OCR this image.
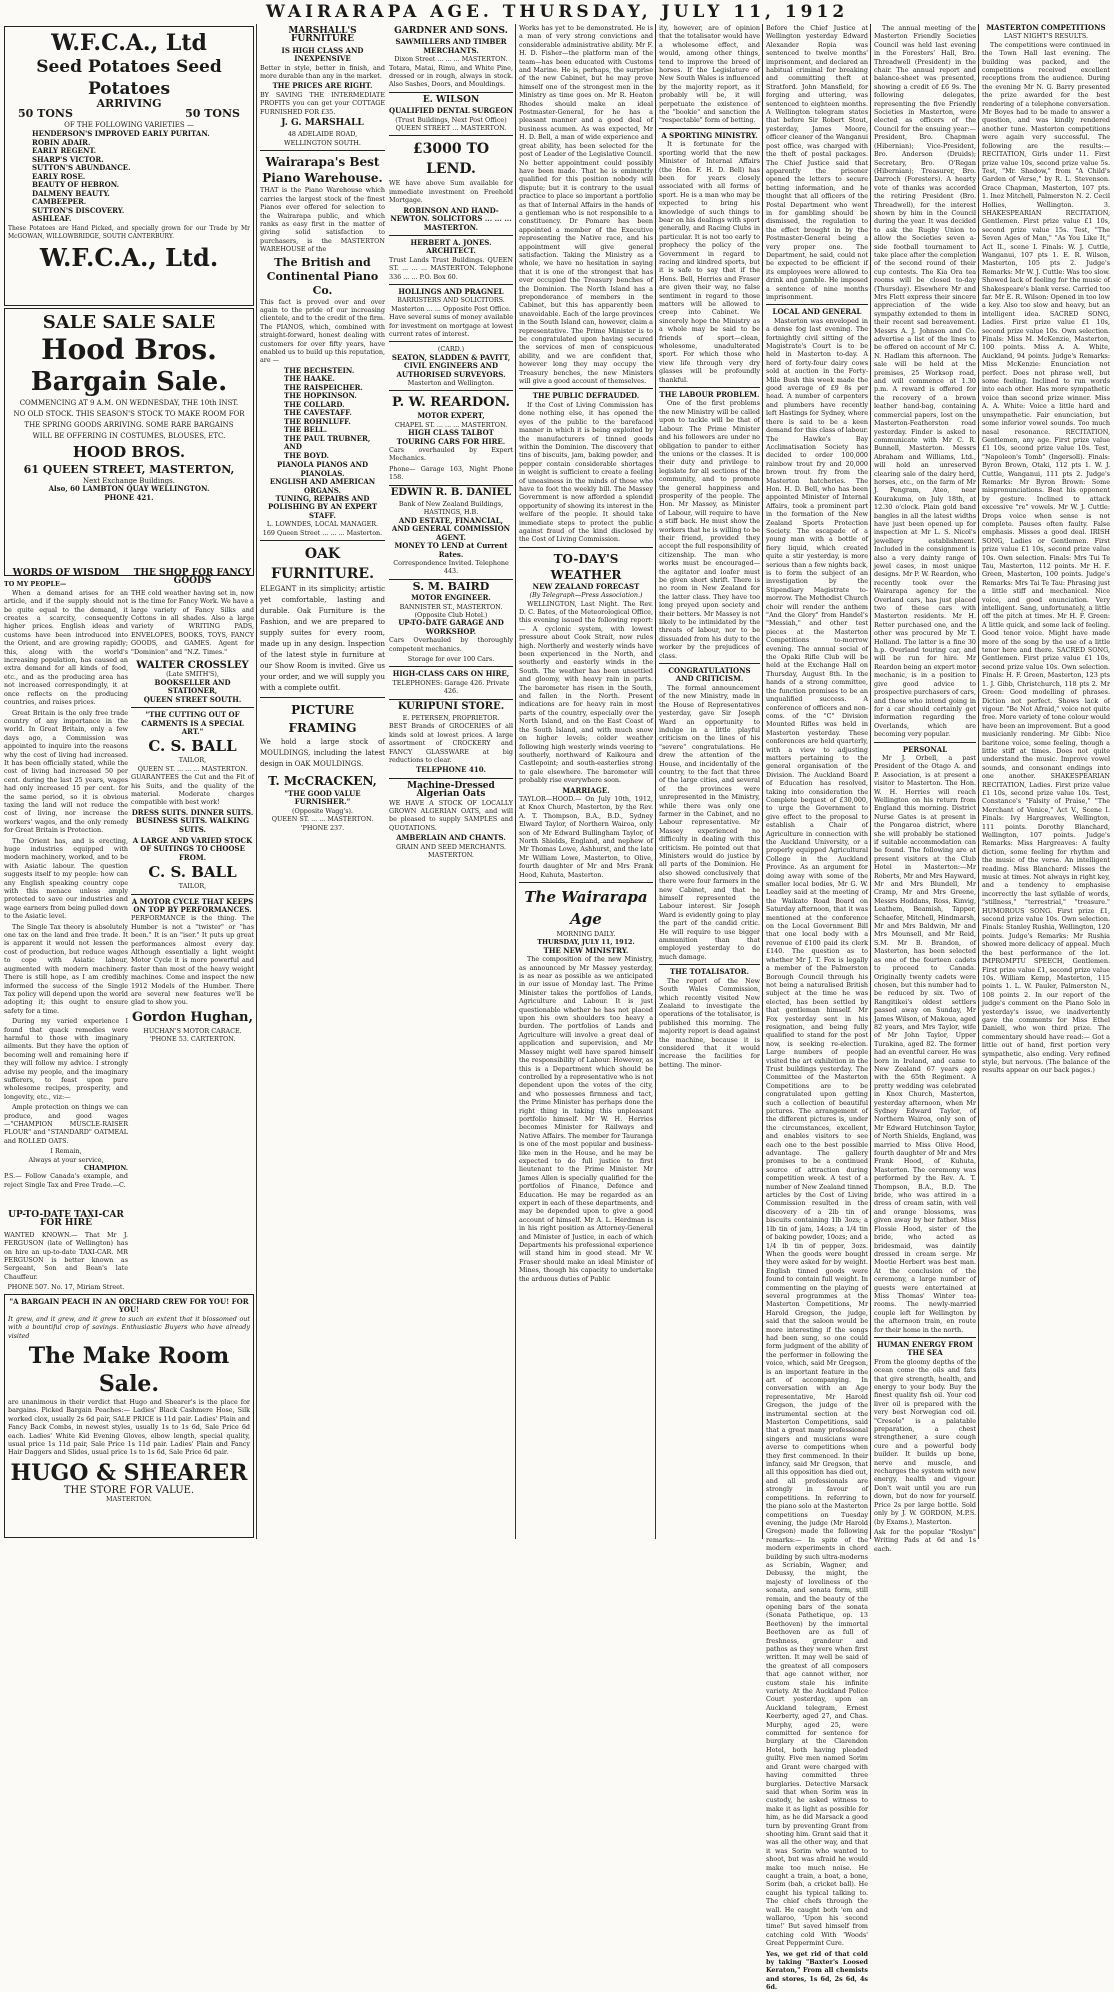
WAIRARAPA AGE. THURSDAY, JULY 11, 1912
W.F.C.A., Ltd
Seed Potatoes Seed Potatoes
ARRIVING
50 TONS	50 TONS
OF THE FOLLOWING VARIETIES —
HENDERSON'S IMPROVED EARLY PURITAN.
ROBIN ADAIR.
EARLY REGENT.
SHARP'S VICTOR.
SUTTON'S ABUNDANCE.
EARLY ROSE.
BEAUTY OF HEBRON.
DALMENY BEAUTY.
CAMBEEPER.
SUTTON'S DISCOVERY.
ASHLEAF.

These Potatoes are Hand Picked, and specially grown for our Trade by Mr McGOWAN, WILLOWBRIDGE, SOUTH CANTERBURY.

W.F.C.A., Ltd.
SALE SALE SALE
Hood Bros.
Bargain Sale.
COMMENCING AT 9 A.M. ON WEDNESDAY, THE 10th INST.
NO OLD STOCK. THIS SEASON'S STOCK TO MAKE ROOM FOR
THE SPRING GOODS ARRIVING. SOME RARE BARGAINS
WILL BE OFFERING IN COSTUMES, BLOUSES, ETC.
HOOD BROS.
61 QUEEN STREET, MASTERTON,
Next Exchange Buildings.
Also, 60 LAMBTON QUAY WELLINGTON.
PHONE 421.
WORDS OF WISDOM
TO MY PEOPLE—

When a demand arises for an article, and if the supply should not be quite equal to the demand, it creates a scarcity, consequently higher prices. English ideas and customs have been introduced into the Orient, and are growing rapidly; this, along with the world's increasing population, has caused an extra demand for all kinds of food, etc., and as the producing area has not increased correspondingly, it at once reflects on the producing countries, and raises prices.

Great Britain is the only free trade country of any importance in the world. In Great Britain, only a few days ago, a Commission was appointed to inquire into the reasons why the cost of living had increased. It has been officially stated, while the cost of living had increased 50 per cent. during the last 25 years, wages had only increased 15 per cent. for the same period, so it is obvious taxing the land will not reduce the cost of living, nor increase the workers' wages, and the only remedy for Great Britain is Protection.

The Orient has, and is erecting, huge industries equipped with modern machinery, worked, and to be with Asiatic labour. The question suggests itself to my people: how can any English speaking country cope with this menace unless amply protected to save our industries and wage earners from being pulled down to the Asiatic level.

The Single Tax theory is absolutely one tax on the land and free trade. It is apparent it would not lessen the cost of production, but reduce wages to cope with Asiatic labour, augmented with modern machinery. There is still hope, as I am credibly informed the success of the Single Tax policy will depend upon the world adopting it; this ought to ensure safety for a time.

During my varied experience I found that quack remedies were harmful to those with imaginary ailments. But they have the option of becoming well and remaining here if they will follow my advice. I strongly advise my people, and the imaginary sufferers, to feast upon pure wholesome recipes, prosperity, and longevity, etc., viz:—

Ample protection on things we can produce, and good wages—"CHAMPION MUSCLE-RAISER FLOUR" and "STANDARD" OATMEAL and ROLLED OATS.

I Remain,
Always at your service,
CHAMPION.

P.S.— Follow Canada's example, and reject Single Tax and Free Trade.—C.

UP-TO-DATE TAXI-CAR FOR HIRE

WANTED KNOWN.— That Mr J. FERGUSON (late of Wellington) has on hire an up-to-date TAXI-CAR. MR FERGUSON is better known as Sergeant, Son and Bean's late Chauffeur.

PHONE 507. No. 17, Miriam Street.
THE SHOP FOR FANCY GOODS

THE cold weather having set in, now is the time for Fancy Work. We have a large variety of Fancy Silks and Cottons in all shades. Also a large variety of WRITING PADS, ENVELOPES, BOOKS, TOYS, FANCY GOODS, and GAMES. Agent for "Dominion" and "N.Z. Times."

WALTER CROSSLEY
(Late SMITH'S),
BOOKSELLER AND STATIONER,
QUEEN STREET SOUTH.
"THE CUTTING OUT OF CARMENTS IS A SPECIAL ART."
C. S. BALL
TAILOR,
QUEEN ST. ... ... ... MASTERTON.

GUARANTEES the Cut and the Fit of his Suits, and the quality of the material. Moderate charges compatible with best work!

DRESS SUITS. DINNER SUITS. BUSINESS SUITS. WALKING SUITS.
A LARGE AND VARIED STOCK OF SUITINGS TO CHOOSE FROM.
C. S. BALL
TAILOR,
A MOTOR CYCLE THAT KEEPS ON TOP BY PERFORMANCES.

PERFORMANCE is the thing. The Humber is not a "twister" or "has been." It is an "iser." It puts up great performances almost every day. Although essentially a light weight Motor Cycle it is more powerful and faster than most of the heavy weight machines. Come and inspect the new 1912 Models of the Humber. There are several new features we'll be glad to show you.

Gordon Hughan,
HUCHAN'S MOTOR CARACE.
'PHONE 53. CARTERTON.
"A BARGAIN PEACH IN AN ORCHARD CREW FOR YOU! FOR YOU!

It grew, and it grew, and it grew to such an extent that it blossomed out with a bountiful crop of savings. Enthusiastic Buyers who have already visited

The Make Room Sale.

are unanimous in their verdict that Hugo and Shearer's is the place for bargains. Picked Bargain Peaches:— Ladies' Black Cashmere Hose, Silk worked clox, usually 2s 6d pair, SALE PRICE is 11d pair. Ladies' Plain and Fancy Back Combs, in newest styles, usually 1s to 1s 6d, Sale Price 6d each. Ladies' White Kid Evening Gloves, elbow length, special quality, usual price 1s 11d pair, Sale Price 1s 11d pair. Ladies' Plain and Fancy Hair Daggers and Slides, usual price 1s to 1s 6d, Sale Price 6d pair.

HUGO & SHEARER
THE STORE FOR VALUE.
MASTERTON.
MARSHALL'S FURNITURE
IS HIGH CLASS AND INEXPENSIVE

Better in style, better in finish, and more durable than any in the market.

THE PRICES ARE RIGHT.

BY SAVING THE INTERMEDIATE PROFITS you can get your COTTAGE FURNISHED FOR £35.

J. G. MARSHALL
48 ADELAIDE ROAD,
WELLINGTON SOUTH.
Wairarapa's Best
Piano Warehouse.

THAT is the Piano Warehouse which carries the largest stock of the finest Pianos ever offered for selection to the Wairarapa public, and which ranks as easy first in the matter of giving solid satisfaction to purchasers, is the MASTERTON WAREHOUSE of the

The British and Continental Piano Co.

This fact is proved over and over again to the pride of our increasing clientele, and to the credit of the firm. The PIANOS, which, combined with straight-forward, honest dealing with customers for over fifty years, have enabled us to build up this reputation, are —

THE BECHSTEIN.
THE HAAKE.
THE RAISPEICHER.
THE HOPKINSON.
THE COLLARD.
THE CAVESTAFF.
THE ROHNLUFF.
THE BELL.
THE PAUL TRUBNER,
AND
THE BOYD.
PIANOLA PIANOS AND PIANOLAS.
ENGLISH AND AMERICAN ORGANS.
TUNING, REPAIRS AND POLISHING BY AN EXPERT STAFF.
L. LOWNDES, LOCAL MANAGER.
169 Queen Street ... ... ... Masterton.
OAK FURNITURE.

ELEGANT in its simplicity; artistic yet comfortable, lasting and durable. Oak Furniture is the Fashion, and we are prepared to supply suites for every room, made up in any design. Inspection of the latest style in furniture at our Show Room is invited. Give us your order, and we will supply you with a complete outfit.

PICTURE FRAMING

We hold a large stock of MOULDINGS, including the latest design in OAK MOULDINGS.

T. McCRACKEN,
"THE GOOD VALUE FURNISHER."
(Opposite Wagg's).
QUEEN ST. ... ... MASTERTON. 'PHONE 237.
GARDNER AND SONS.
SAWMILLERS AND TIMBER MERCHANTS.
Dixon Street ... ... ... MASTERTON.

Totara, Matai, Rimu, and White Pine, dressed or in rough, always in stock. Also Sashes, Doors, and Mouldings.

E. WILSON
QUALIFIED DENTAL SURGEON
(Trust Buildings, Next Post Office) QUEEN STREET ... MASTERTON.
£3000 TO LEND.

WE have above Sum available for immediate investment on Freehold Mortgage.

ROBINSON AND HAND-NEWTON. SOLICITORS ... ... ... MASTERTON.
HERBERT A. JONES. ARCHITECT.

Trust Lands Trust Buildings. QUEEN ST. ... ... ... MASTERTON. Telephone 336 ... ... P.O. Box 60.

HOLLINGS AND PRAGNEL
BARRISTERS AND SOLICITORS. Masterton ... ... Opposite Post Office.

Have several sums of money available for investment on mortgage at lowest current rates of interest.

(CARD.)
SEATON, SLADDEN & PAVITT, CIVIL ENGINEERS AND AUTHORISED SURVEYORS.
Masterton and Wellington.
P. W. REARDON.
MOTOR EXPERT,
CHAPEL ST. ... ... ... MASTERTON.
HIGH CLASS TALBOT TOURING CARS FOR HIRE.

Cars overhauled by Expert Mechanics.

Phone— Garage 163, Night Phone 158.

EDWIN R. B. DANIEL
Bank of New Zealand Buildings,
HASTINGS, H.B.
AND ESTATE, FINANCIAL, AND GENERAL COMMISSION AGENT.
MONEY TO LEND at Current Rates.
Correspondence Invited. Telephone 443.
S. M. BAIRD
MOTOR ENGINEER.
BANNISTER ST., MASTERTON. (Opposite Club Hotel.)
UP-TO-DATE GARAGE AND WORKSHOP.

Cars Overhauled by thoroughly competent mechanics.

Storage for over 100 Cars.
HIGH-CLASS CARS ON HIRE,
TELEPHONES: Garage 426. Private 426.
KURIPUNI STORE.
E. PETERSEN, PROPRIETOR.

BEST Brands of GROCERIES of all kinds sold at lowest prices. A large assortment of CROCKERY and FANCY GLASSWARE at big reductions to clear.

TELEPHONE 410.
Machine-Dressed Algerian Oats

WE HAVE A STOCK OF LOCALLY GROWN ALGERIAN OATS, and will be pleased to supply SAMPLES and QUOTATIONS.

AMBERLAIN AND CHANTS.
GRAIN AND SEED MERCHANTS. MASTERTON.

Works has yet to be demonstrated. He is a man of very strong convictions and considerable administrative ability. Mr F. H. D. Fisher—the platform man of the team—has been educated with Customs and Marine. He is, perhaps, the surprise of the new Cabinet, but he may prove himself one of the strongest men in the Ministry as time goes on. Mr R. Heaton Rhodes should make an ideal Postmaster-General, for he has a pleasant manner and a good deal of business acumen. As was expected, Mr H. D. Bell, a man of wide experience and great ability, has been selected for the post of Leader of the Legislative Council. No better appointment could possibly have been made. That he is eminently qualified for this position nobody will dispute; but it is contrary to the usual practice to place so important a portfolio as that of Internal Affairs in the hands of a gentleman who is not responsible to a constituency. Dr Pomare has been appointed a member of the Executive representing the Native race, and his appointment will give general satisfaction. Taking the Ministry as a whole, we have no hesitation in saying that it is one of the strongest that has ever occupied the Treasury benches of the Dominion. The North Island has a preponderance of members in the Cabinet, but this has apparently been unavoidable. Each of the large provinces in the South Island can, however, claim a representative. The Prime Minister is to be congratulated upon having secured the services of men of conspicuous ability, and we are confident that, however long they may occupy the Treasury benches, the new Ministers will give a good account of themselves.

THE PUBLIC DEFRAUDED.

If the Cost of Living Commission has done nothing else, it has opened the eyes of the public to the barefaced manner in which it is being exploited by the manufacturers of tinned goods within the Dominion. The discovery that tins of biscuits, jam, baking powder, and pepper contain considerable shortages in weight is sufficient to create a feeling of uneasiness in the minds of those who have to foot the weekly bill. The Massey Government is now afforded a splendid opportunity of showing its interest in the welfare of the people. It should take immediate steps to protect the public against fraud of the kind disclosed by the Cost of Living Commission.

TO-DAY'S WEATHER
NEW ZEALAND FORECAST
(By Telegraph—Press Association.)

WELLINGTON, Last Night. The Rev. D. C. Bates, of the Meteorological Office, this evening issued the following report:— A cyclonic system, with lowest pressure about Cook Strait, now rules high. Northerly and westerly winds have been experienced in the North, and southerly and easterly winds in the South. The weather has been unsettled and gloomy, with heavy rain in parts. The barometer has risen in the South, and fallen in the North. Present indications are for heavy rain in most parts of the country, especially over the North Island, and on the East Coast of the South Island, and with much snow on higher levels; colder weather following high westerly winds veering to southerly, northward of Kaikoura and Castlepoint; and south-easterlies strong to gale elsewhere. The barometer will probably rise everywhere soon.

MARRIAGE.

TAYLOR—HOOD.— On July 10th, 1912, at Knox Church, Masterton, by the Rev. A. T. Thompson, B.A., B.D., Sydney Elward Taylor, of Northern Wairoa, only son of Mr Edward Bullingham Taylor, of North Shields, England, and nephew of Mr Thomas Lowe, Ashhurst, and the late Mr William Lowe, Masterton, to Olive, fourth daughter of Mr and Mrs Frank Hood, Kuhuta, Masterton.

The Wairarapa Age
MORNING DAILY.
THURSDAY, JULY 11, 1912.
THE NEW MINISTRY.

The composition of the new Ministry, as announced by Mr Massey yesterday, is as near as possible as we anticipated in our issue of Monday last. The Prime Minister takes the portfolios of Lands, Agriculture and Labour. It is just questionable whether he has not placed upon his own shoulders too heavy a burden. The portfolios of Lands and Agriculture will involve a great deal of application and supervision, and Mr Massey might well have spared himself the responsibility of Labour. However, as this is a Department which should be controlled by a representative who is not dependent upon the votes of the city, and who possesses firmness and tact, the Prime Minister has perhaps done the right thing in taking this unpleasant portfolio himself. Mr W. H. Herries becomes Minister for Railways and Native Affairs. The member for Tauranga is one of the most popular and business-like men in the House, and he may be expected to do full justice to first lieutenant to the Prime Minister. Mr James Allen is specially qualified for the portfolios of Finance, Defence and Education. He may be regarded as an expert in each of these departments, and may be depended upon to give a good account of himself. Mr A. L. Herdman is in his right position as Attorney-General and Minister of Justice, in each of which Departments his professional experience will stand him in good stead. Mr W. Fraser should make an ideal Minister of Mines, though his capacity to undertake the arduous duties of Public

ity, however, are of opinion that the totalisator would have a wholesome effect, and would, among other things, tend to improve the breed of horses. If the Legislature of New South Wales is influenced by the majority report, as it probably will be, it will perpetuate the existence of the "bookie" and sanction the "respectable" form of betting.

A SPORTING MINISTRY.

It is fortunate for the sporting world that the new Minister of Internal Affairs (the Hon. F. H. D. Bell) has been for years closely associated with all forms of sport. He is a man who may be expected to bring his knowledge of such things to bear on his dealings with sport generally, and Racing Clubs in particular. It is not too early to prophecy the policy of the Government in regard to racing and kindred sports, but it is safe to say that if the Hons. Bell, Herries and Fraser are given their way, no false sentiment in regard to those matters will be allowed to creep into Cabinet. We sincerely hope the Ministry as a whole may be said to be friends of sport—clean, wholesome, unadulterated sport. For which those who view life through very dry glasses will be profoundly thankful.

THE LABOUR PROBLEM.

One of the first problems the new Ministry will be called upon to tackle will be that of Labour. The Prime Minister and his followers are under no obligation to pander to either the unions or the classes. It is their duty and privilege to legislate for all sections of the community, and to promote the general happiness and prosperity of the people. The Hon. Mr Massey, as Minister of Labour, will require to have a stiff back. He must show the workers that he is willing to be their friend, provided they accept the full responsibility of citizenship. The man who works must be encouraged—the agitator and loafer must be given short shrift. There is no room in New Zealand for the latter class. They have too long preyed upon society and their betters. Mr Massey is not likely to be intimidated by the threats of labour, nor to be dissuaded from his duty to the worker by the prejudices of class.

CONGRATULATIONS AND CRITICISM.

The formal announcement of the new Ministry, made in the House of Representatives yesterday, gave Sir Joseph Ward an opportunity to indulge in a little playful criticism on the lines of his "severe" congratulations. He drew the attention of the House, and incidentally of the country, to the fact that three of the large cities, and several of the provinces were unrepresented in the Ministry, while there was only one farmer in the Cabinet, and no Labour representative. Mr Massey experienced no difficulty in dealing with this criticism. He pointed out that Ministers would do justice by all parts of the Dominion. He also showed conclusively that there were four farmers in the new Cabinet, and that he himself represented the Labour interest. Sir Joseph Ward is evidently going to play the part of the candid critic. He will require to use bigger ammunition than that employed yesterday to do much damage.

THE TOTALISATOR.

The report of the New South Wales Commission, which recently visited New Zealand to investigate the operations of the totalisator, is published this morning. The majority report is dead against the machine, because it is considered that it would increase the facilities for betting. The minor-

Before the Chief Justice at Wellington yesterday Edward Alexander Ropia was sentenced to twelve months' imprisonment, and declared an habitual criminal for breaking and committing theft at Stratford. John Mansfield, for forging and uttering, was sentenced to eighteen months. A Wellington telegram states that before Sir Robert Stout, yesterday, James Moore, officer cleaner of the Wanganui post office, was charged with the theft of postal packages. The Chief Justice said that apparently the prisoner opened the letters to secure betting information, and he thought that all officers of the Postal Department who went in for gambling should be dismissed, the regulation to the effect brought in by the Postmaster-General being a very proper one. The Department, he said, could not be expected to be efficient if its employees were allowed to drink and gamble. He imposed a sentence of nine months imprisonment.

LOCAL AND GENERAL

Masterton was enveloped in a dense fog last evening. The fortnightly civil sitting of the Magistrate's Court is to be held in Masterton to-day. A herd of forty-four dairy cows sold at auction in the Forty-Mile Bush this week made the good average of £9 8s per head. A number of carpenters and plumbers have recently left Hastings for Sydney, where there is said to be a keen demand for this class of labour. The Hawke's Bay Acclimatisation Society has decided to order 100,000 rainbow trout fry and 20,000 brown trout fry from the Masterton hatcheries. The Hon. H. D. Bell, who has been appointed Minister of Internal Affairs, took a prominent part in the formation of the New Zealand Sports Protection Society. The escapade of a young man with a bottle of fiery liquid, which created quite a stir yesterday, is more serious than a few nights back, is to form the subject of an investigation by the Stipendiary Magistrate to-morrow. The Methodist Church choir will render the anthem "And the Glory" from Handel's "Messiah," and other test pieces at the Masterton Competitions to-morrow evening. The annual social of the Opaki Rifle Club will be held at the Exchange Hall on Thursday, August 8th. In the hands of a strong committee, the function promises to be an unqualified success. A conference of officers and non-coms. of the "C" Division Mounted Rifles was held in Masterton yesterday. These conferences are held quarterly, with a view to adjusting matters pertaining to the general organisation of the Division. The Auckland Board of Education has resolved, taking into consideration the Complete bequest of £30,000, to urge the Government to give effect to the proposal to establish a Chair of Agriculture in connection with the Auckland University, or a properly equipped Agricultural College in the Auckland Province. As an argument for doing away with some of the smaller local bodies, Mr G. W. Leadley said at the meeting of the Waikato Road Board on Saturday afternoon, that it was mentioned at the conference on the Local Government Bill that one local body with a revenue of £100 paid its clerk £140. The question as to whether Mr J. T. Fox is legally a member of the Palmerston Borough Council through his not being a naturalised British subject at the time he was elected, has been settled by that gentleman himself. Mr Fox yesterday sent in his resignation, and being fully qualified to stand for the post now, is seeking re-election. Large numbers of people visited the art exhibition in the Trust buildings yesterday. The Committee of the Masterton Competitions are to be congratulated upon getting such a collection of beautiful pictures. The arrangement of the different pictures is, under the circumstances, excellent, and enables visitors to see each one to the best possible advantage. The gallery promises to be a continued source of attraction during competition week. A test of a number of New Zealand tinned articles by the Cost of Living Commission resulted in the discovery of a 2lb tin of biscuits containing 1lb 3ozs; a 1lb tin of jam, 14ozs; a 1/4 tin of baking powder, 10ozs; and a 1/4 lb tin of pepper, 3ozs. When the goods were bought they were asked for by weight. English tinned goods were found to contain full weight. In commenting on the playing of several programmes at the Masterton Competitions, Mr Harold Gregson, the judge, said that the saloon would be more interesting if the songs had been sung, so one could form judgment of the ability of the performer in following the voice, which, said Mr Gregson, is an important feature in the art of accompanying. In conversation with an Age representative, Mr Harold Gregson, the judge of the instrumental section at the Masterton Competitions, said that a great many professional singers and musicians were averse to competitions when they first commenced. In their infancy, said Mr Gregson, that all this opposition has died out, and all professionals are strongly in favour of competitions. In referring to the piano solo at the Masterton competitions on Tuesday evening, the judge (Mr Harold Gregson) made the following remarks:— In spite of the modern experiments in chord building by such ultra-moderns as Scriabin, Wagner, and Debussy, the might, the majesty of loveliness of the sonata, and sonata form, still remain, and the beauty of the opening bars of the sonata (Sonata Pathetique, op. 13 Beethoven) by the immortal Beethoven are as full of freshness, grandeur and pathos as they were when first written. It may well be said of the greatest of all composers that age cannot wither, nor custom stale his infinite variety. At the Auckland Police Court yesterday, upon an Auckland telegram, Ernest Keerberty, aged 27, and Chas. Murphy, aged 25, were committed for sentence for burglary at the Clarendon Hotel, both having pleaded guilty. Five men named Sorim and Grant were charged with having committed three burglaries. Detective Marsack said that when Sorim was in custody, he asked witness to make it as light as possible for him, as he did Marsack a good turn by preventing Grant from shooting him. Grant said that it was all the other way, and that it was Sorim who wanted to shoot, but was afraid he would make too much noise. He caught a train, a boat, a bone, Sorim (bah, a cricket ball). He caught his typical talking to. The chief chefs through the wall. He caught both 'em and wallaroo, 'Upon his second time!' But saved himself from catching cold With 'Woods' Great Peppermint Cure.

Yes, we get rid of that cold by taking "Baxter's Loosed Keraton," From all chemists and stores, 1s 6d, 2s 6d, 4s 6d.

The annual meeting of the Masterton Friendly Societies Council was held last evening in the Foresters' Hall, Bro. Threadwell (President) in the chair. The annual report and balance-sheet was presented, showing a credit of £6 9s. The following delegates, representing the five Friendly Societies in Masterton, were elected as officers of the Council for the ensuing year:—President, Bro. Chapman (Hibernian); Vice-President, Bro. Anderson (Druids); Secretary, Bro. O'Regan (Hibernian); Treasurer, Bro. Darroch (Foresters). A hearty vote of thanks was accorded the retiring President (Bro. Threadwell), for the interest shown by him in the Council during the year. It was decided to ask the Rugby Union to allow the Societies seven a-side football tournament to take place after the completion of the second round of their cup contests. The Kia Ora tea rooms will be closed to-day (Thursday). Elsewhere Mr and Mrs Flett express their sincere appreciation of the wide sympathy extended to them in their recent sad bereavement. Messrs A. J. Johnson and Co. advertise a list of the lines to be offered on account of Mr C. N. Hadlam this afternoon. The sale will be held at the premises, 25 Worksop road, and will commence at 1.30 p.m. A reward is offered for the recovery of a brown leather hand-bag, containing commercial papers, lost on the Masterton-Featherston road yesterday. Finder is asked to communicate with Mr C. R. Bunnell, Masterton. Messrs Abraham and Williams, Ltd., will hold an unreserved clearing sale of the dairy herd, horses, etc., on the farm of Mr J. Pengram, Ateo, near Kourakuma, on July 18th, at 12.30 o'clock. Plain gold band bangles in all the latest widths have just been opened up for inspection at Mr L. S. Nicol's jewellery establishment. Included in the consignment is also a very dainty range of jewel cases, in most unique designs. Mr P. W. Reardon, who recently took over the Wairarapa agency for the Overland cars, has just placed two of these cars with Masterton residents. Mr H. Retter purchased one, and the other was procured by Mr T. Holland. The latter is a fine 30 h.p. Overland touring car, and will be run for hire. Mr Reardon being an expert motor mechanic, is in a position to give good advice to prospective purchasers of cars, and those who intend going in for a car should certainly get information regarding the Overlands, which are becoming very popular.

PERSONAL

Mr J. Orbell, a past President of the Otago A. and P. Association, is at present a visitor to Masterton. The Hon. W. H. Herries will reach Wellington on his return from England this morning. District Nurse Gates is at present in the Pongaroa district, where she will probably be stationed if suitable accommodation can be found. The following are at present visitors at the Club Hotel in Masterton:—Mr Roberts, Mr and Mrs Hayward, Mr and Mrs Blundell, Mr Cramp, Mr and Mrs Greene, Messrs Hoddans, Ross, Kinvig, Leathem, Beamish, Tapper, Schaefer, Mitchell, Hindmarsh, Mr and Mrs Baldwin, Mr and Mrs Mounsell, and Mr Reid, S.M. Mr B. Brandon, of Masterton, has been selected as one of the fourteen cadets to proceed to Canada. Originally twenty cadets were chosen, but this number had to be reduced by six. Two of Rangitikei's oldest settlers passed away on Sunday, Mr James Wilson, of Makoua, aged 82 years, and Mrs Taylor, wife of Mr John Taylor, Upper Turakina, aged 82. The former had an eventful career. He was born in Ireland, and came to New Zealand 67 years ago with the 65th Regiment. A pretty wedding was celebrated in Knox Church, Masterton, yesterday afternoon, when Mr Sydney Edward Taylor, of Northern Wairoa, only son of Mr Edward Hutchinson Taylor, of North Shields, England, was married to Miss Olive Hood, fourth daughter of Mr and Mrs Frank Hood, of Kuhuta, Masterton. The ceremony was performed by the Rev. A. T. Thompson, B.A., B.D. The bride, who was attired in a dress of cream satin, with veil and orange blossoms, was given away by her father. Miss Flossie Hood, sister of the bride, who acted as bridesmaid, was daintily dressed in cream serge. Mr Moetie Herbert was best man. At the conclusion of the ceremony, a large number of guests were entertained at Miss Thomas' Winter tea-rooms. The newly-married couple left for Wellington by the afternoon train, en route for their home in the north.

HUMAN ENERGY FROM THE SEA

From the gloomy depths of the ocean come the oils and fats that give strength, health, and energy to your body. Buy the finest quality fish oil. Your cod liver oil is prepared with the very best Norwegian cod oil. "Cresole" is a palatable preparation, a chest strengthener, a sure cough cure and a powerful body builder. It builds up bone, nerve and muscle, and recharges the system with new energy, health and vigour. Don't wait until you are run down, but do now for yourself. Price 2s per large bottle. Sold only by J. W. GORDON, M.P.S. (by Exams.), Masterton.

Ask for the popular "Roslyn" Writing Pads at 6d and 1s each.

MASTERTON COMPETITIONS
LAST NIGHT'S RESULTS.

The competitions were continued in the Town Hall last evening. The building was packed, and the competitions received excellent receptions from the audience. During the evening Mr N. G. Barry presented the prize awarded for the best rendering of a telephone conversation. Mr Boyes had to be made to answer a question, and was kindly rendered another tune. Masterton competitions were again very successful. The following are the results:— RECITATION, Girls under 11. First prize value 10s, second prize value 5s. Test, "Mr. Shadow," from "A Child's Garden of Verse," by R. L. Stevenson. Grace Chapman, Masterton, 107 pts. 1. Inez Mitchell, Palmerston N. 2. Cecil Hollies, Wellington. 3. SHAKESPEARIAN RECITATION, Gentlemen. First prize value £1 10s, second prize value 15s. Test, "The Seven Ages of Man," "As You Like It," Act II., scene I. Finals: W. J. Cuttle, Wanganui, 107 pts 1. E. R. Wilson, Masterton, 105 pts 2. Judge's Remarks: Mr W. J. Cuttle: Was too slow. Showed lack of feeling for the music of Shakespeare's blank verse. Carried too far. Mr E. R. Wilson: Opened in too low a key. Also too slow and heavy, but an intelligent idea. SACRED SONG, Ladies. First prize value £1 10s, second prize value 10s. Own selection. Finals: Miss M. McKenzie, Masterton, 100 points. Miss A. A. White, Auckland, 94 points. Judge's Remarks: Miss McKenzie: Enunciation not perfect. Does not phrase well, but some feeling. Inclined to run words into each other. Has more sympathetic voice than second prize winner. Miss A. A. White: Voice a little hard and unsympathetic. Fair enunciation, but some inferior vowel sounds. Too much nasal resonance. RECITATION, Gentlemen, any age. First prize value £1 10s, second prize value 10s. Test, "Napoleon's Tomb" (Ingersoll). Finals: Byron Brown, Otaki, 112 pts 1. W. J. Cuttle, Wanganui, 111 pts 2. Judge's Remarks: Mr Byron Brown: Some mispronunciations. Beat his opponent by gesture. Inclined to attack excessive "re" vowels. Mr W. J. Cuttle: Drops voice when sense is not complete. Pauses often faulty. False emphasis. Misses a good deal. IRISH SONG, Ladies or Gentlemen. First prize value £1 10s, second prize value 10s. Own selection. Finals: Mrs Tui Te Tau, Masterton, 112 points. Mr H. F. Green, Masterton, 100 points. Judge's Remarks: Mrs Tai Te Tau: Phrasing just a little stiff and mechanical. Nice voice, and good enunciation. Very intelligent. Sang, unfortunately, a little off the pitch at times. Mr H. F. Green: A little quick, and some lack of feeling. Good tenor voice. Might have made more of the song by the use of a little tenor here and there. SACRED SONG, Gentlemen. First prize value £1 10s, second prize value 10s. Own selection. Finals: H. F. Green, Masterton, 123 pts 1. J. Gibb, Christchurch, 118 pts 2. Mr Green: Good modelling of phrases. Diction not perfect. Shows lack of vigour. "Be Not Afraid," voice not quite free. More variety of tone colour would have been an improvement. But a good musicianly rendering. Mr Gibb: Nice baritone voice, some feeling, though a little stiff at times. Does not quite understand the music. Improve vowel sounds, and consonant endings into one another. SHAKESPEARIAN RECITATION, Ladies. First prize value £1 10s, second prize value 10s. Test, Constance's "Falsity of Praise," "The Merchant of Venice," Act V., Scene I. Finals: Ivy Hargreaves, Wellington, 111 points. Dorothy Blanchard, Wellington, 107 points. Judge's Remarks: Miss Hargreaves: A faulty diction, some feeling for rhythm and the music of the verse. An intelligent reading. Miss Blanchard: Misses the music at times. Not always in right key, and a tendency to emphasise incorrectly the last syllable of words, "stillness," "terrestrial," "treasure." HUMOROUS SONG. First prize £1, second prize value 10s. Own selection. Finals: Stanley Rushia, Wellington, 120 points. Judge's Remarks: Mr Rushia showed more delicacy of appeal. Much the best performance of the lot. IMPROMPTU SPEECH, Gentlemen. First prize value £1, second prize value 10s. William Kemp, Masterton, 115 points 1. L. W. Pauler, Palmerston N., 108 points 2. In our report of the judge's comment on the Piano Solo in yesterday's issue, we inadvertently gave the comments for Miss Ethel Daniell, who won third prize. The commentary should have read:— Got a little out of hand, first portion very sympathetic, also ending. Very refined style, but nervous. (The balance of the results appear on our back pages.)
